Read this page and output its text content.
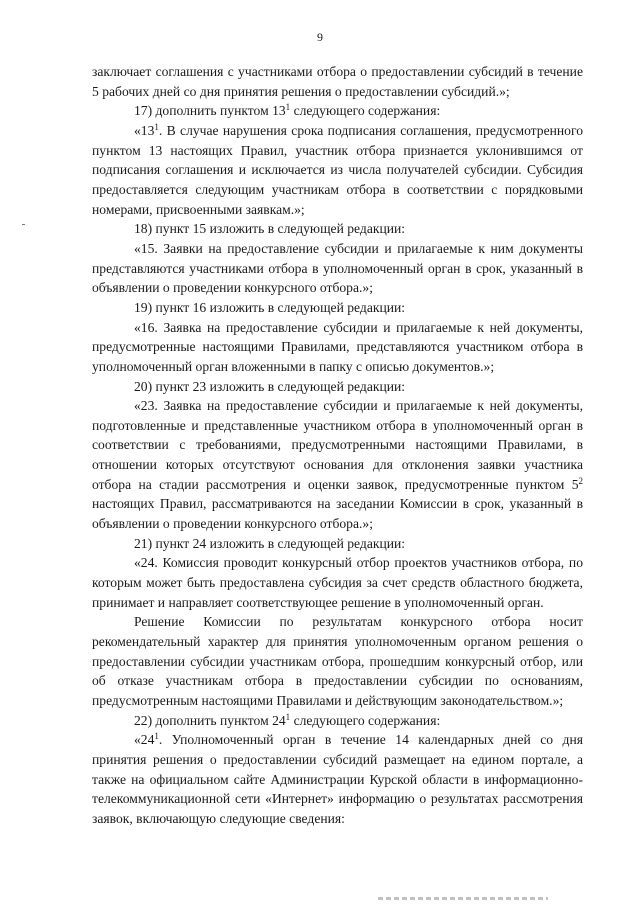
9

заключает соглашения с участниками отбора о предоставлении субсидий в течение 5 рабочих дней со дня принятия решения о предоставлении субсидий.»;

17) дополнить пунктом $13^1$ следующего содержания:

«$13^1$. В случае нарушения срока подписания соглашения, предусмотренного пунктом 13 настоящих Правил, участник отбора признается уклонившимся от подписания соглашения и исключается из числа получателей субсидии. Субсидия предоставляется следующим участникам отбора в соответствии с порядковыми номерами, присвоенными заявкам.»;

18) пункт 15 изложить в следующей редакции:

«15. Заявки на предоставление субсидии и прилагаемые к ним документы представляются участниками отбора в уполномоченный орган в срок, указанный в объявлении о проведении конкурсного отбора.»;

19) пункт 16 изложить в следующей редакции:

«16. Заявка на предоставление субсидии и прилагаемые к ней документы, предусмотренные настоящими Правилами, представляются участником отбора в уполномоченный орган вложенными в папку с описью документов.»;

20) пункт 23 изложить в следующей редакции:

«23. Заявка на предоставление субсидии и прилагаемые к ней документы, подготовленные и представленные участником отбора в уполномоченный орган в соответствии с требованиями, предусмотренными настоящими Правилами, в отношении которых отсутствуют основания для отклонения заявки участника отбора на стадии рассмотрения и оценки заявок, предусмотренные пунктом $5^2$ настоящих Правил, рассматриваются на заседании Комиссии в срок, указанный в объявлении о проведении конкурсного отбора.»;

21) пункт 24 изложить в следующей редакции:

«24. Комиссия проводит конкурсный отбор проектов участников отбора, по которым может быть предоставлена субсидия за счет средств областного бюджета, принимает и направляет соответствующее решение в уполномоченный орган.

Решение Комиссии по результатам конкурсного отбора носит рекомендательный характер для принятия уполномоченным органом решения о предоставлении субсидии участникам отбора, прошедшим конкурсный отбор, или об отказе участникам отбора в предоставлении субсидии по основаниям, предусмотренным настоящими Правилами и действующим законодательством.»;

22) дополнить пунктом $24^1$ следующего содержания:

«$24^1$. Уполномоченный орган в течение 14 календарных дней со дня принятия решения о предоставлении субсидий размещает на едином портале, а также на официальном сайте Администрации Курской области в информационно-телекоммуникационной сети «Интернет» информацию о результатах рассмотрения заявок, включающую следующие сведения:
